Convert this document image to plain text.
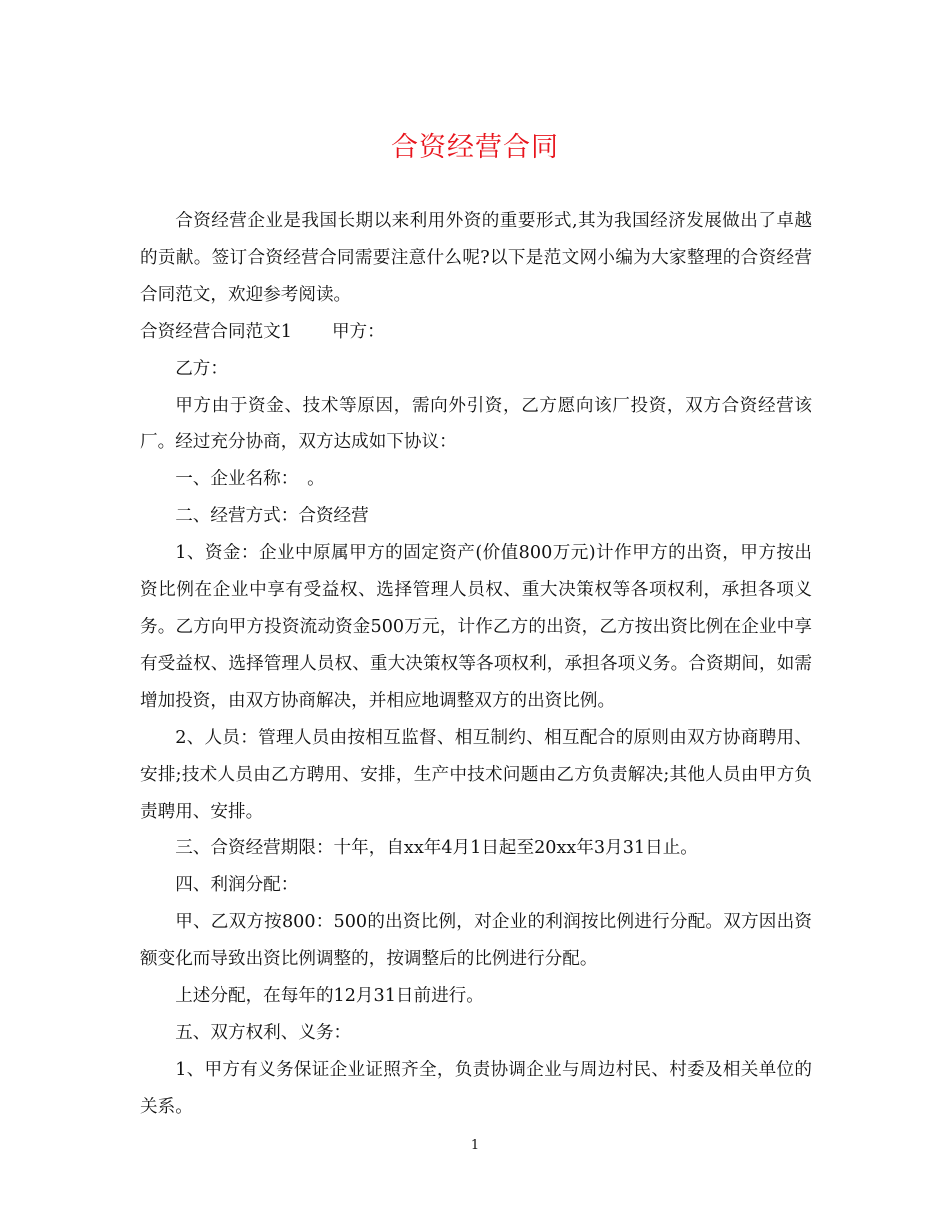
合资经营合同

合资经营企业是我国长期以来利用外资的重要形式,其为我国经济发展做出了卓越的贡献。签订合资经营合同需要注意什么呢?以下是范文网小编为大家整理的合资经营合同范文，欢迎参考阅读。

合资经营合同范文1 甲方：

乙方：

甲方由于资金、技术等原因，需向外引资，乙方愿向该厂投资，双方合资经营该厂。经过充分协商，双方达成如下协议：

一、企业名称：　。

二、经营方式：合资经营

1、资金：企业中原属甲方的固定资产(价值800万元)计作甲方的出资，甲方按出资比例在企业中享有受益权、选择管理人员权、重大决策权等各项权利，承担各项义务。乙方向甲方投资流动资金500万元，计作乙方的出资，乙方按出资比例在企业中享有受益权、选择管理人员权、重大决策权等各项权利，承担各项义务。合资期间，如需增加投资，由双方协商解决，并相应地调整双方的出资比例。

2、人员：管理人员由按相互监督、相互制约、相互配合的原则由双方协商聘用、安排;技术人员由乙方聘用、安排，生产中技术问题由乙方负责解决;其他人员由甲方负责聘用、安排。

三、合资经营期限：十年，自xx年4月1日起至20xx年3月31日止。

四、利润分配：

甲、乙双方按800：500的出资比例，对企业的利润按比例进行分配。双方因出资额变化而导致出资比例调整的，按调整后的比例进行分配。

上述分配，在每年的12月31日前进行。

五、双方权利、义务：

1、甲方有义务保证企业证照齐全，负责协调企业与周边村民、村委及相关单位的关系。

1
